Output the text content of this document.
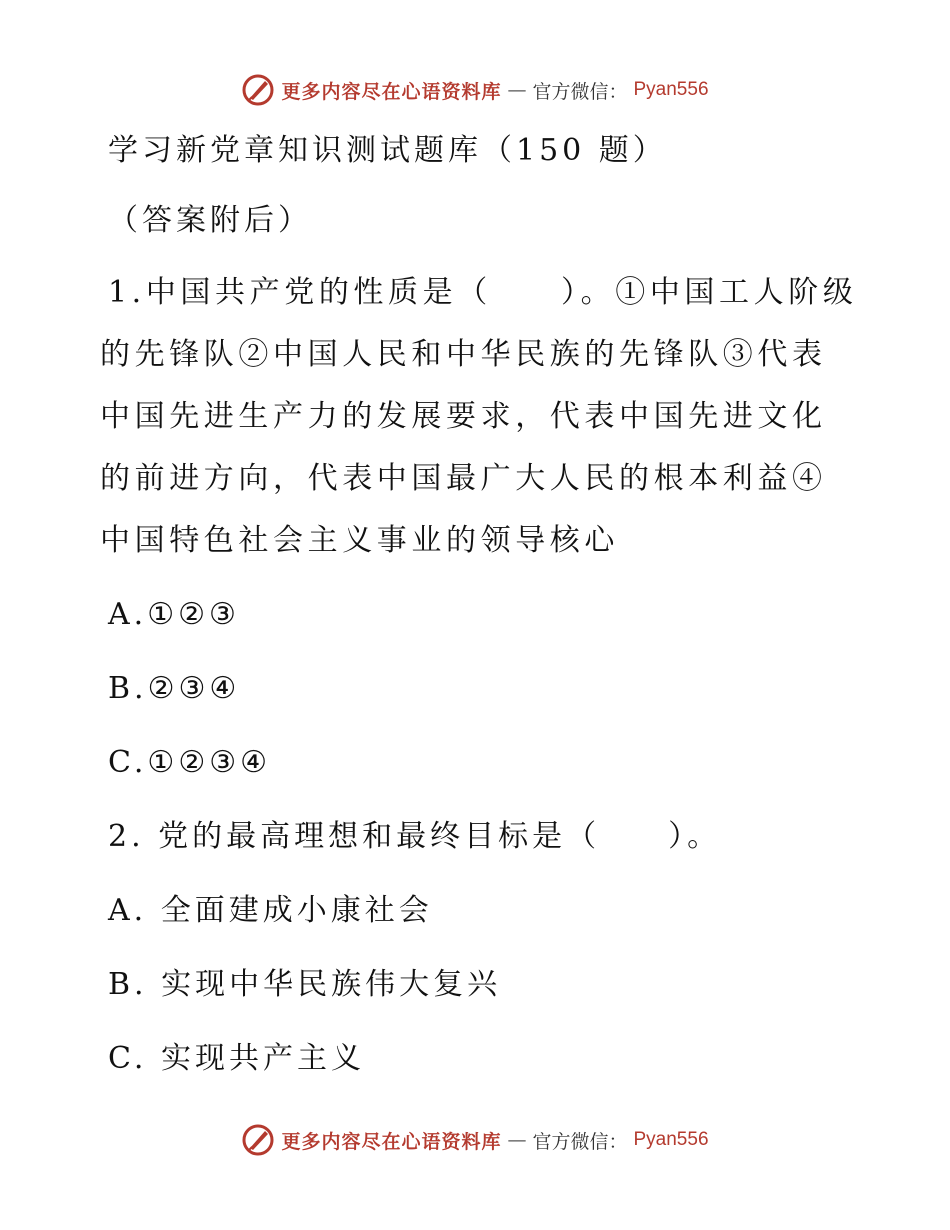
更多内容尽在心语资料库 — 官方微信： Pyan556
学习新党章知识测试题库（150 题）
（答案附后）
1.中国共产党的性质是（　　）。①中国工人阶级的先锋队②中国人民和中华民族的先锋队③代表中国先进生产力的发展要求，代表中国先进文化的前进方向，代表中国最广大人民的根本利益④中国特色社会主义事业的领导核心
A.①②③
B.②③④
C.①②③④
2. 党的最高理想和最终目标是（　　）。
A. 全面建成小康社会
B. 实现中华民族伟大复兴
C. 实现共产主义
更多内容尽在心语资料库 — 官方微信： Pyan556
